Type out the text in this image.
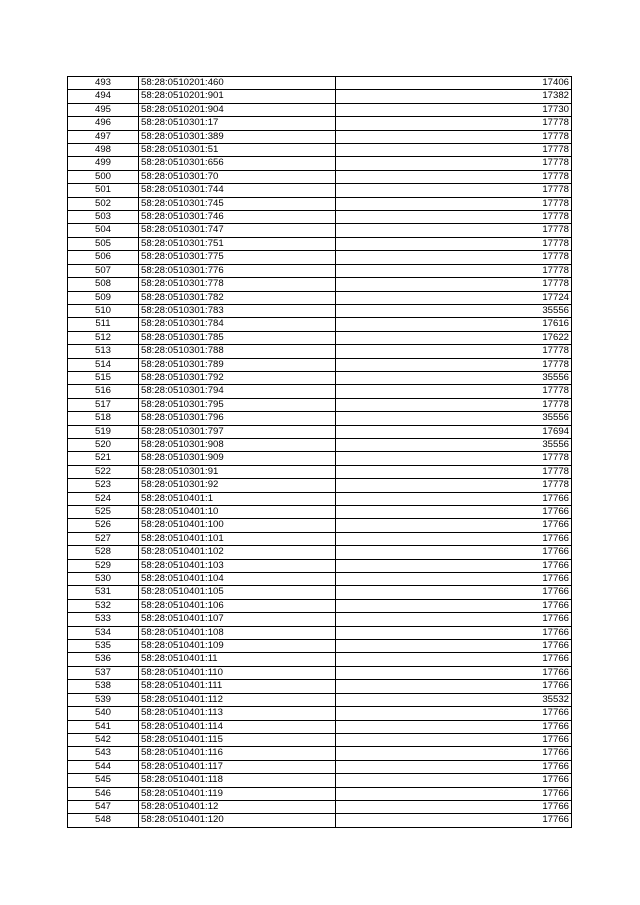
493	58:28:0510201:460	17406
494	58:28:0510201:901	17382
495	58:28:0510201:904	17730
496	58:28:0510301:17	17778
497	58:28:0510301:389	17778
498	58:28:0510301:51	17778
499	58:28:0510301:656	17778
500	58:28:0510301:70	17778
501	58:28:0510301:744	17778
502	58:28:0510301:745	17778
503	58:28:0510301:746	17778
504	58:28:0510301:747	17778
505	58:28:0510301:751	17778
506	58:28:0510301:775	17778
507	58:28:0510301:776	17778
508	58:28:0510301:778	17778
509	58:28:0510301:782	17724
510	58:28:0510301:783	35556
511	58:28:0510301:784	17616
512	58:28:0510301:785	17622
513	58:28:0510301:788	17778
514	58:28:0510301:789	17778
515	58:28:0510301:792	35556
516	58:28:0510301:794	17778
517	58:28:0510301:795	17778
518	58:28:0510301:796	35556
519	58:28:0510301:797	17694
520	58:28:0510301:908	35556
521	58:28:0510301:909	17778
522	58:28:0510301:91	17778
523	58:28:0510301:92	17778
524	58:28:0510401:1	17766
525	58:28:0510401:10	17766
526	58:28:0510401:100	17766
527	58:28:0510401:101	17766
528	58:28:0510401:102	17766
529	58:28:0510401:103	17766
530	58:28:0510401:104	17766
531	58:28:0510401:105	17766
532	58:28:0510401:106	17766
533	58:28:0510401:107	17766
534	58:28:0510401:108	17766
535	58:28:0510401:109	17766
536	58:28:0510401:11	17766
537	58:28:0510401:110	17766
538	58:28:0510401:111	17766
539	58:28:0510401:112	35532
540	58:28:0510401:113	17766
541	58:28:0510401:114	17766
542	58:28:0510401:115	17766
543	58:28:0510401:116	17766
544	58:28:0510401:117	17766
545	58:28:0510401:118	17766
546	58:28:0510401:119	17766
547	58:28:0510401:12	17766
548	58:28:0510401:120	17766
